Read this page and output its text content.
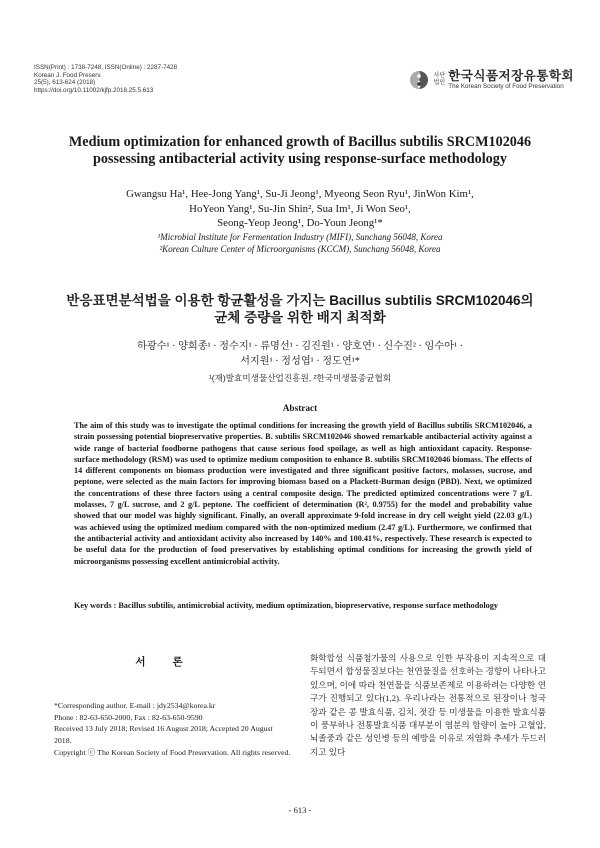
ISSN(Print) : 1738-7248, ISSN(Online) : 2287-7428
Korean J. Food Preserv.
25(5), 613-624 (2018)
https://doi.org/10.11002/kjfp.2018.25.5.613
사단
법인
한국식품저장유통학회
The Korean Society of Food Preservation
Medium optimization for enhanced growth of Bacillus subtilis SRCM102046
possessing antibacterial activity using response-surface methodology
Gwangsu Ha¹, Hee-Jong Yang¹, Su-Ji Jeong¹, Myeong Seon Ryu¹, JinWon Kim¹,
HoYeon Yang¹, Su-Jin Shin², Sua Im¹, Ji Won Seo¹,
Seong-Yeop Jeong¹, Do-Youn Jeong¹*
¹Microbial Institute for Fermentation Industry (MIFI), Sunchang 56048, Korea
²Korean Culture Center of Microorganisms (KCCM), Sunchang 56048, Korea
반응표면분석법을 이용한 항균활성을 가지는 Bacillus subtilis SRCM102046의
균체 증량을 위한 배지 최적화
하광수¹ · 양희종¹ · 정수지¹ · 류명선¹ · 김진원¹ · 양호연¹ · 신수진² · 임수아¹ ·
서지원¹ · 정성엽¹ · 정도연¹*
¹(재)발효미생물산업진흥원, ²한국미생물종균협회
Abstract
The aim of this study was to investigate the optimal conditions for increasing the growth yield of Bacillus subtilis SRCM102046, a strain possessing potential biopreservative properties. B. subtilis SRCM102046 showed remarkable antibacterial activity against a wide range of bacterial foodborne pathogens that cause serious food spoilage, as well as high antioxidant capacity. Response-surface methodology (RSM) was used to optimize medium composition to enhance B. subtilis SRCM102046 biomass. The effects of 14 different components on biomass production were investigated and three significant positive factors, molasses, sucrose, and peptone, were selected as the main factors for improving biomass based on a Plackett-Burman design (PBD). Next, we optimized the concentrations of these three factors using a central composite design. The predicted optimized concentrations were 7 g/L molasses, 7 g/L sucrose, and 2 g/L peptone. The coefficient of determination (R², 0.9755) for the model and probability value showed that our model was highly significant. Finally, an overall approximate 9-fold increase in dry cell weight yield (22.03 g/L) was achieved using the optimized medium compared with the non-optimized medium (2.47 g/L). Furthermore, we confirmed that the antibacterial activity and antioxidant activity also increased by 140% and 100.41%, respectively. These research is expected to be useful data for the production of food preservatives by establishing optimal conditions for increasing the growth yield of microorganisms possessing excellent antimicrobial activity.
Key words : Bacillus subtilis, antimicrobial activity, medium optimization, biopreservative, response surface methodology
서 론
*Corresponding author. E-mail : jdy2534@korea.kr
Phone : 82-63-650-2000, Fax : 82-63-650-9590
Received 13 July 2018; Revised 16 August 2018; Accepted 20 August 2018.
Copyright ⓒ The Korean Society of Food Preservation. All rights reserved.
화학합성 식품첨가물의 사용으로 인한 부작용이 지속적으로 대두되면서 합성물질보다는 천연물질을 선호하는 경향이 나타나고 있으며, 이에 따라 천연물을 식품보존제로 이용하려는 다양한 연구가 진행되고 있다(1,2). 우리나라는 전통적으로 된장이나 청국장과 같은 콩 발효식품, 김치, 젓갈 등 미생물을 이용한 발효식품이 풍부하나 전통발효식품 대부분이 염분의 함량이 높아 고혈압, 뇌졸중과 같은 성인병 등의 예방을 이유로 저염화 추세가 두드러지고 있다
- 613 -
